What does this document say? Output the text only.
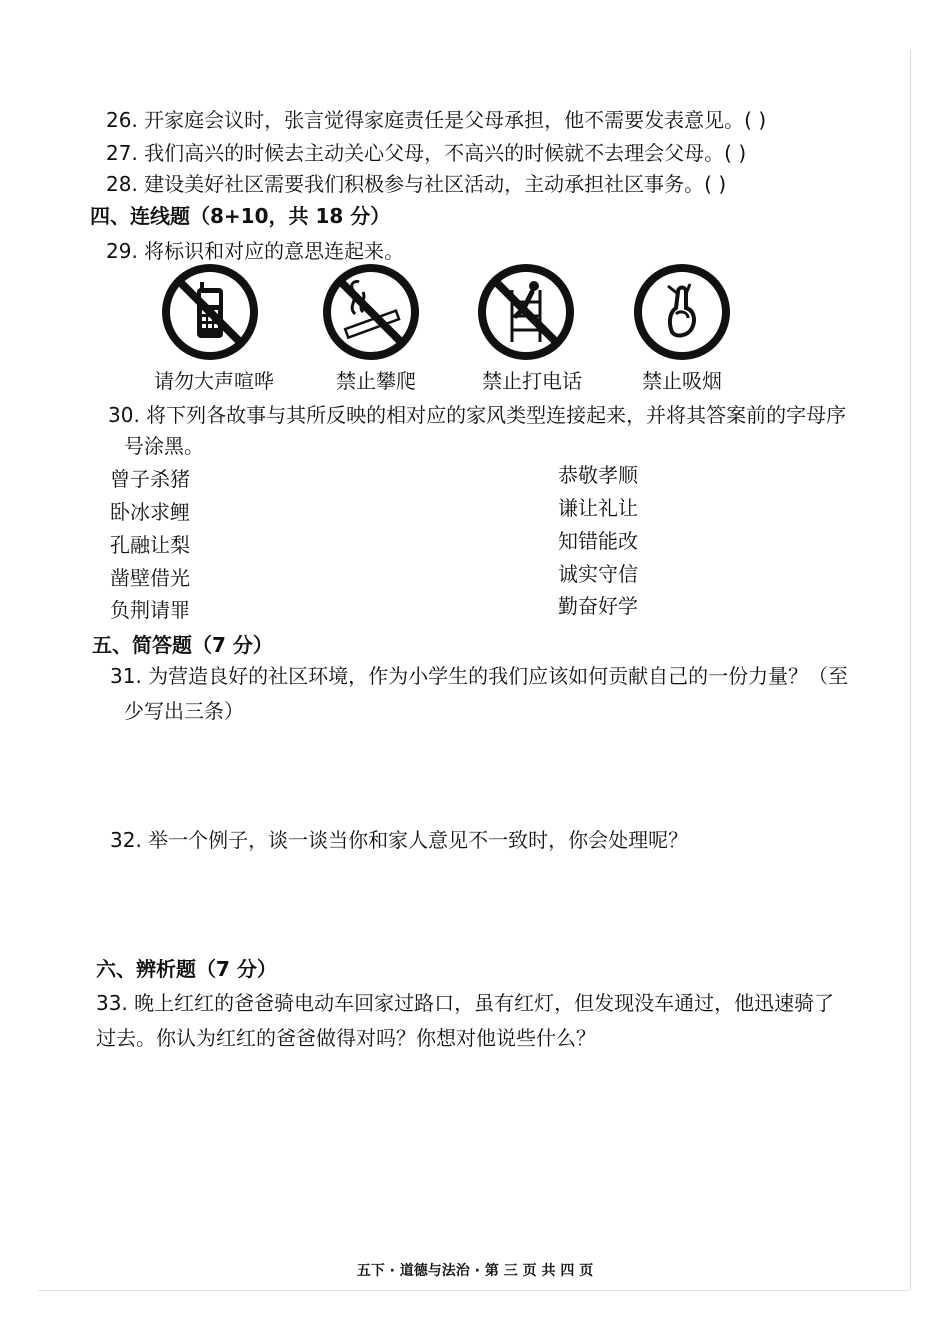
26. 开家庭会议时，张言觉得家庭责任是父母承担，他不需要发表意见。( )
27. 我们高兴的时候去主动关心父母，不高兴的时候就不去理会父母。( )
28. 建设美好社区需要我们积极参与社区活动，主动承担社区事务。( )
四、连线题（8+10，共 18 分）
29. 将标识和对应的意思连起来。
请勿大声喧哗	禁止攀爬	禁止打电话	禁止吸烟
30. 将下列各故事与其所反映的相对应的家风类型连接起来，并将其答案前的字母序
号涂黑。
曾子杀猪
卧冰求鲤
孔融让梨
凿壁借光
负荆请罪
恭敬孝顺
谦让礼让
知错能改
诚实守信
勤奋好学
五、简答题（7 分）
31. 为营造良好的社区环境，作为小学生的我们应该如何贡献自己的一份力量？（至
少写出三条）
32. 举一个例子，谈一谈当你和家人意见不一致时，你会处理呢？
六、辨析题（7 分）
33. 晚上红红的爸爸骑电动车回家过路口，虽有红灯，但发现没车通过，他迅速骑了
过去。你认为红红的爸爸做得对吗？你想对他说些什么？
五下 · 道德与法治 · 第 三 页 共 四 页
